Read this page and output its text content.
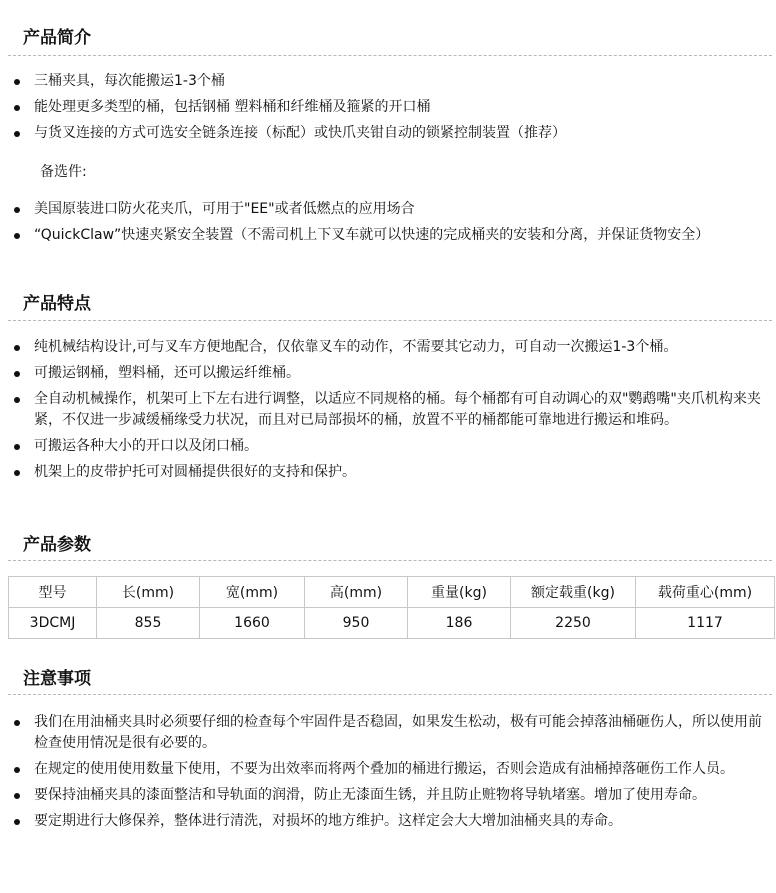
产品简介
三桶夹具，每次能搬运1-3个桶
能处理更多类型的桶，包括钢桶 塑料桶和纤维桶及箍紧的开口桶
与货叉连接的方式可选安全链条连接（标配）或快爪夹钳自动的锁紧控制装置（推荐）
备选件:
美国原装进口防火花夹爪，可用于"EE"或者低燃点的应用场合
“QuickClaw”快速夹紧安全装置（不需司机上下叉车就可以快速的完成桶夹的安装和分离，并保证货物安全）
产品特点
纯机械结构设计,可与叉车方便地配合，仅依靠叉车的动作，不需要其它动力，可自动一次搬运1-3个桶。
可搬运钢桶，塑料桶，还可以搬运纤维桶。
全自动机械操作，机架可上下左右进行调整，以适应不同规格的桶。每个桶都有可自动调心的双"鹦鹉嘴"夹爪机构来夹紧，不仅进一步减缓桶缘受力状况，而且对已局部损坏的桶，放置不平的桶都能可靠地进行搬运和堆码。
可搬运各种大小的开口以及闭口桶。
机架上的皮带护托可对圆桶提供很好的支持和保护。
产品参数
型号	长(mm)	宽(mm)	高(mm)	重量(kg)	额定载重(kg)	载荷重心(mm)
3DCMJ	855	1660	950	186	2250	1117
注意事项
我们在用油桶夹具时必须要仔细的检查每个牢固件是否稳固，如果发生松动，极有可能会掉落油桶砸伤人，所以使用前检查使用情况是很有必要的。
在规定的使用使用数量下使用，不要为出效率而将两个叠加的桶进行搬运，否则会造成有油桶掉落砸伤工作人员。
要保持油桶夹具的漆面整洁和导轨面的润滑，防止无漆面生锈，并且防止赃物将导轨堵塞。增加了使用寿命。
要定期进行大修保养，整体进行清洗，对损坏的地方维护。这样定会大大增加油桶夹具的寿命。
